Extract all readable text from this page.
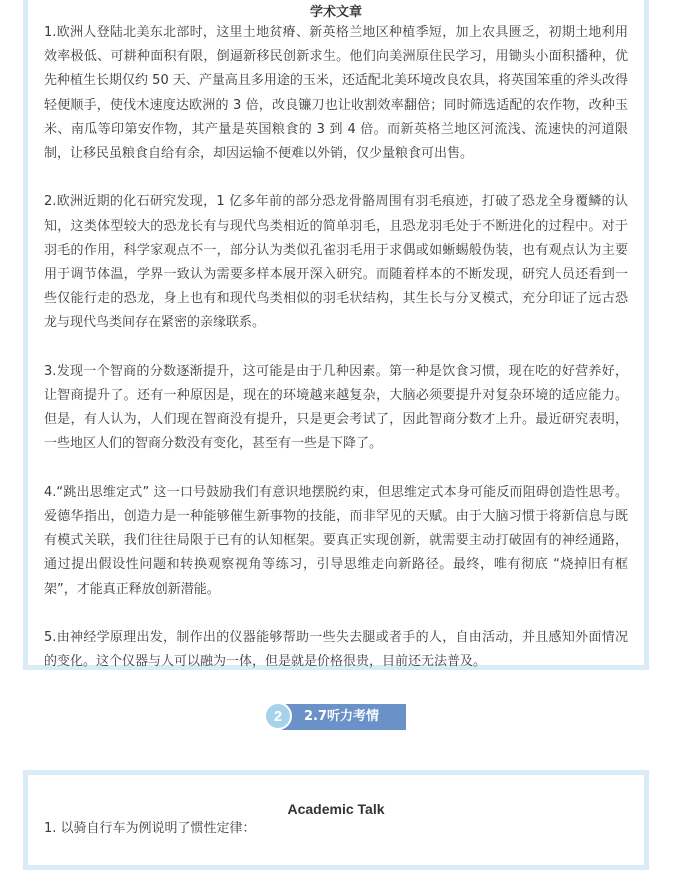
学术文章

1.欧洲人登陆北美东北部时，这里土地贫瘠、新英格兰地区种植季短，加上农具匮乏，初期土地利用效率极低、可耕种面积有限，倒逼新移民创新求生。他们向美洲原住民学习，用锄头小面积播种，优先种植生长期仅约 50 天、产量高且多用途的玉米，还适配北美环境改良农具，将英国笨重的斧头改得轻便顺手，使伐木速度达欧洲的 3 倍，改良镰刀也让收割效率翻倍；同时筛选适配的农作物，改种玉米、南瓜等印第安作物，其产量是英国粮食的 3 到 4 倍。而新英格兰地区河流浅、流速快的河道限制，让移民虽粮食自给有余，却因运输不便难以外销，仅少量粮食可出售。

2.欧洲近期的化石研究发现，1 亿多年前的部分恐龙骨骼周围有羽毛痕迹，打破了恐龙全身覆鳞的认知，这类体型较大的恐龙长有与现代鸟类相近的简单羽毛，且恐龙羽毛处于不断进化的过程中。对于羽毛的作用，科学家观点不一，部分认为类似孔雀羽毛用于求偶或如蜥蜴般伪装，也有观点认为主要用于调节体温，学界一致认为需要多样本展开深入研究。而随着样本的不断发现，研究人员还看到一些仅能行走的恐龙，身上也有和现代鸟类相似的羽毛状结构，其生长与分叉模式，充分印证了远古恐龙与现代鸟类间存在紧密的亲缘联系。

3.发现一个智商的分数逐渐提升，这可能是由于几种因素。第一种是饮食习惯，现在吃的好营养好，让智商提升了。还有一种原因是，现在的环境越来越复杂，大脑必须要提升对复杂环境的适应能力。但是，有人认为，人们现在智商没有提升，只是更会考试了，因此智商分数才上升。最近研究表明，一些地区人们的智商分数没有变化，甚至有一些是下降了。

4.“跳出思维定式” 这一口号鼓励我们有意识地摆脱约束，但思维定式本身可能反而阻碍创造性思考。爱德华指出，创造力是一种能够催生新事物的技能，而非罕见的天赋。由于大脑习惯于将新信息与既有模式关联，我们往往局限于已有的认知框架。要真正实现创新，就需要主动打破固有的神经通路，通过提出假设性问题和转换观察视角等练习，引导思维走向新路径。最终，唯有彻底 “烧掉旧有框架”，才能真正释放创新潜能。

5.由神经学原理出发，制作出的仪器能够帮助一些失去腿或者手的人，自由活动，并且感知外面情况的变化。这个仪器与人可以融为一体，但是就是价格很贵，目前还无法普及。

2.7听力考情
2

Academic Talk

1. 以骑自行车为例说明了惯性定律：
